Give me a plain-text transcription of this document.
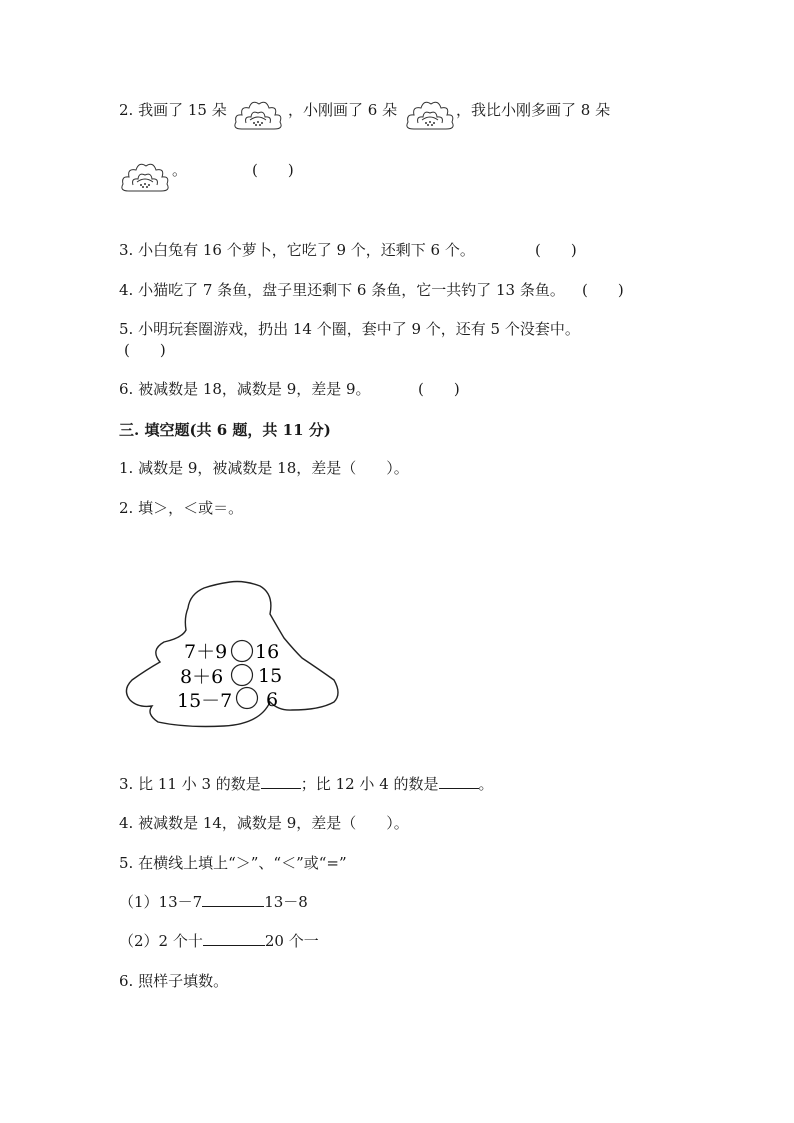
2. 我画了 15 朵	，小刚画了 6 朵	，我比小刚多画了 8 朵
。	(　　)
3. 小白兔有 16 个萝卜，它吃了 9 个，还剩下 6 个。	(　　)
4. 小猫吃了 7 条鱼，盘子里还剩下 6 条鱼，它一共钓了 13 条鱼。 (　　)
5. 小明玩套圈游戏，扔出 14 个圈，套中了 9 个，还有 5 个没套中。
(　　)
6. 被减数是 18，减数是 9，差是 9。	(　　)
三. 填空题(共 6 题，共 11 分)
1. 减数是 9，被减数是 18，差是（　　）。
2. 填＞，＜或＝。
7＋9 16
8＋6 15
15－7 6
3. 比 11 小 3 的数是	；比 12 小 4 的数是	。
4. 被减数是 14，减数是 9，差是（　　）。
5. 在横线上填上“＞”、“＜”或“=”
（1）13－7	13－8
（2）2 个十	20 个一
6. 照样子填数。
